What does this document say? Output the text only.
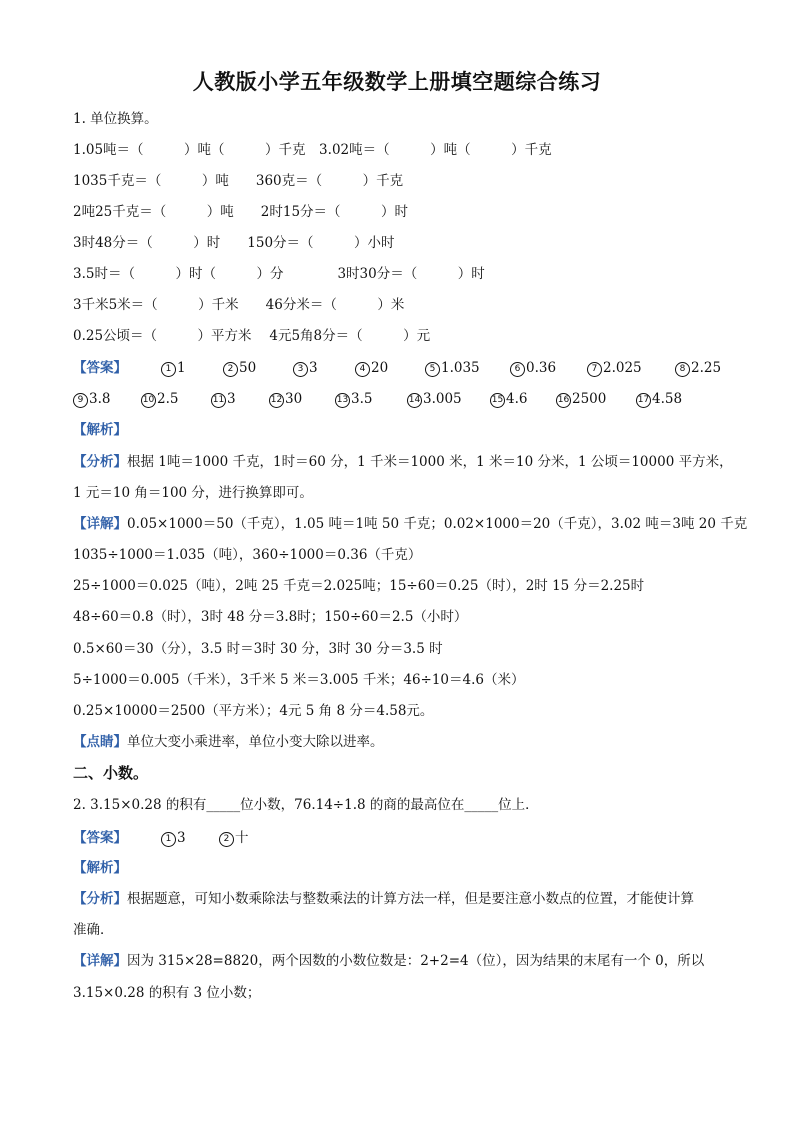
人教版小学五年级数学上册填空题综合练习
1. 单位换算。
1.05吨＝（　　　）吨（　　　）千克　3.02吨＝（　　　）吨（　　　）千克
1035千克＝（　　　）吨　　360克＝（　　　）千克
2吨25千克＝（　　　）吨　　2时15分＝（　　　）时
3时48分＝（　　　）时　　150分＝（　　　）小时
3.5时＝（　　　）时（　　　）分　　　　3时30分＝（　　　）时
3千米5米＝（　　　）千米　　46分米＝（　　　）米
0.25公顷＝（　　　）平方米　 4元5角8分＝（　　　）元
【答案】	1 1	2 50	3 3	4 20	5 1.035	6 0.36	7 2.025	8 2.25
9 3.8	10 2.5	11 3	12 30	13 3.5	14 3.005	15 4.6	16 2500	17 4.58
【解析】
【分析】根据 1吨＝1000 千克，1时＝60 分，1 千米＝1000 米，1 米＝10 分米，1 公顷＝10000 平方米，
1 元＝10 角＝100 分，进行换算即可。
【详解】0.05×1000＝50（千克），1.05 吨＝1吨 50 千克；0.02×1000＝20（千克），3.02 吨＝3吨 20 千克
1035÷1000＝1.035（吨），360÷1000＝0.36（千克）
25÷1000＝0.025（吨），2吨 25 千克＝2.025吨；15÷60＝0.25（时），2时 15 分＝2.25时
48÷60＝0.8（时），3时 48 分＝3.8时；150÷60＝2.5（小时）
0.5×60＝30（分），3.5 时＝3时 30 分，3时 30 分＝3.5 时
5÷1000＝0.005（千米），3千米 5 米＝3.005 千米；46÷10＝4.6（米）
0.25×10000＝2500（平方米）；4元 5 角 8 分＝4.58元。
【点睛】单位大变小乘进率，单位小变大除以进率。
二、小数。
2. 3.15×0.28 的积有_____位小数，76.14÷1.8 的商的最高位在_____位上．
【答案】	1 3	2 十
【解析】
【分析】根据题意，可知小数乘除法与整数乘法的计算方法一样，但是要注意小数点的位置，才能使计算
准确．
【详解】因为 315×28=8820，两个因数的小数位数是：2+2=4（位），因为结果的末尾有一个 0，所以
3.15×0.28 的积有 3 位小数；
